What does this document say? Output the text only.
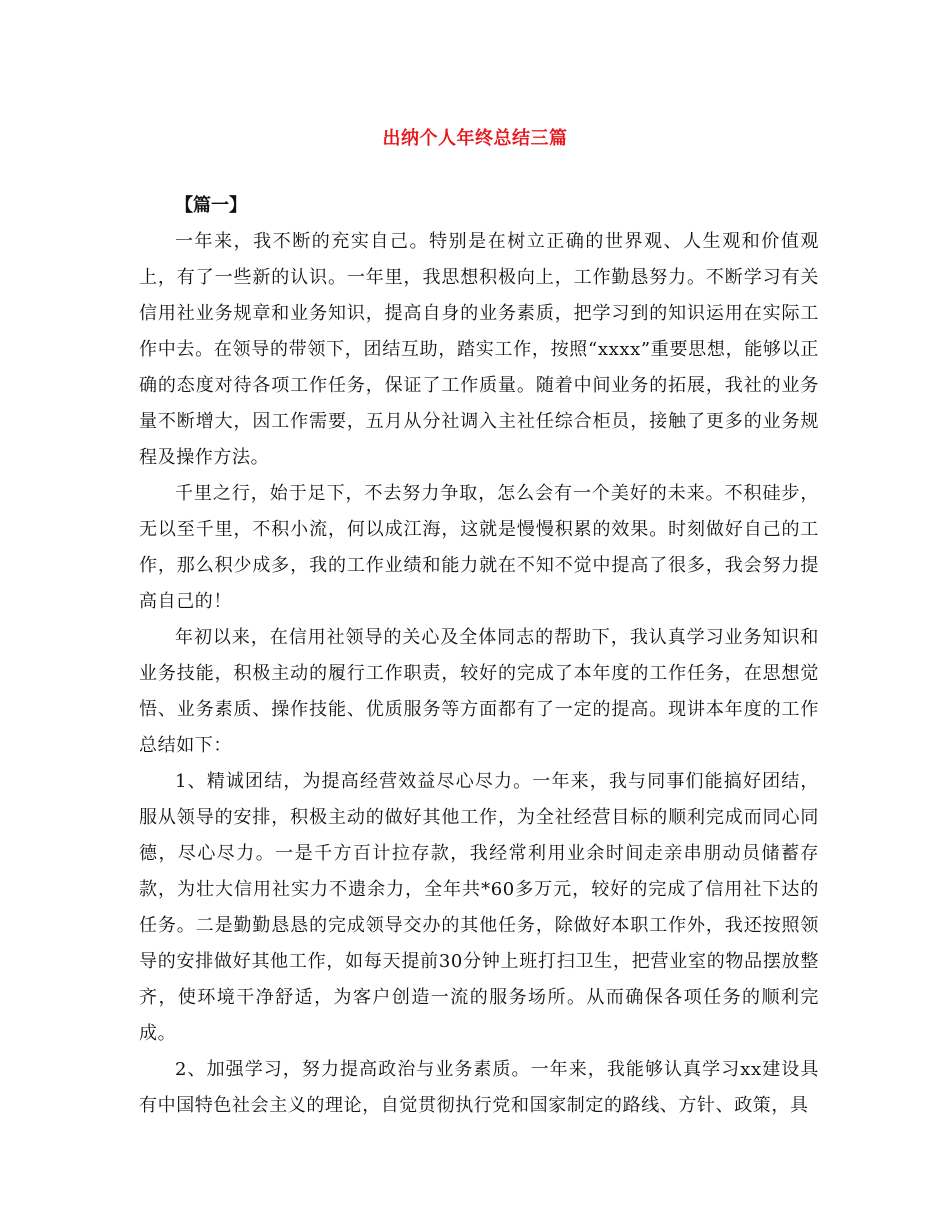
出纳个人年终总结三篇

【篇一】

一年来，我不断的充实自己。特别是在树立正确的世界观、人生观和价值观上，有了一些新的认识。一年里，我思想积极向上，工作勤恳努力。不断学习有关信用社业务规章和业务知识，提高自身的业务素质，把学习到的知识运用在实际工作中去。在领导的带领下，团结互助，踏实工作，按照“xxxx”重要思想，能够以正确的态度对待各项工作任务，保证了工作质量。随着中间业务的拓展，我社的业务量不断增大，因工作需要，五月从分社调入主社任综合柜员，接触了更多的业务规程及操作方法。

千里之行，始于足下，不去努力争取，怎么会有一个美好的未来。不积硅步，无以至千里，不积小流，何以成江海，这就是慢慢积累的效果。时刻做好自己的工作，那么积少成多，我的工作业绩和能力就在不知不觉中提高了很多，我会努力提高自己的！

年初以来，在信用社领导的关心及全体同志的帮助下，我认真学习业务知识和业务技能，积极主动的履行工作职责，较好的完成了本年度的工作任务，在思想觉悟、业务素质、操作技能、优质服务等方面都有了一定的提高。现讲本年度的工作总结如下：

1、精诚团结，为提高经营效益尽心尽力。一年来，我与同事们能搞好团结，服从领导的安排，积极主动的做好其他工作，为全社经营目标的顺利完成而同心同德，尽心尽力。一是千方百计拉存款，我经常利用业余时间走亲串朋动员储蓄存款，为壮大信用社实力不遗余力，全年共*60多万元，较好的完成了信用社下达的任务。二是勤勤恳恳的完成领导交办的其他任务，除做好本职工作外，我还按照领导的安排做好其他工作，如每天提前30分钟上班打扫卫生，把营业室的物品摆放整齐，使环境干净舒适，为客户创造一流的服务场所。从而确保各项任务的顺利完成。

2、加强学习，努力提高政治与业务素质。一年来，我能够认真学习xx建设具有中国特色社会主义的理论，自觉贯彻执行党和国家制定的路线、方针、政策，具
